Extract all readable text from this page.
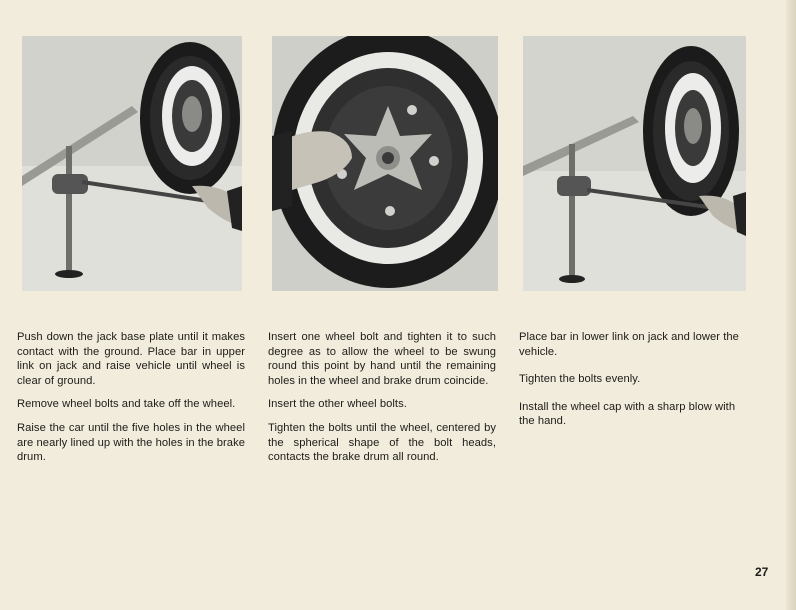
Push down the jack base plate until it makes contact with the ground. Place bar in upper link on jack and raise vehicle until wheel is clear of ground.

Remove wheel bolts and take off the wheel.

Raise the car until the five holes in the wheel are nearly lined up with the holes in the brake drum.

Insert one wheel bolt and tighten it to such degree as to allow the wheel to be swung round this point by hand until the remaining holes in the wheel and brake drum coincide.

Insert the other wheel bolts.

Tighten the bolts until the wheel, centered by the spherical shape of the bolt heads, contacts the brake drum all round.

Place bar in lower link on jack and lower the vehicle.

Tighten the bolts evenly.

Install the wheel cap with a sharp blow with the hand.

27
